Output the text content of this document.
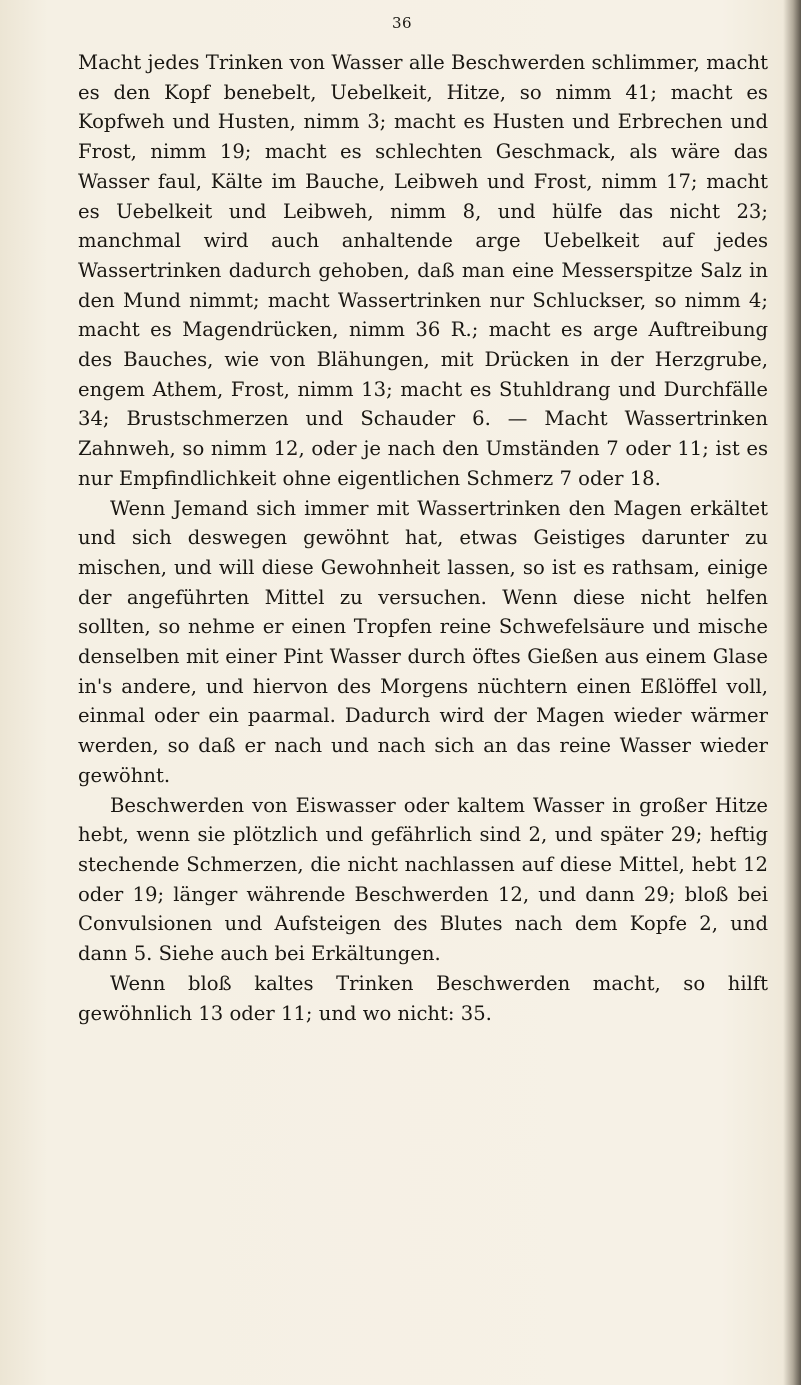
36

Macht jedes Trinken von Wasser alle Beschwerden schlimmer, macht es den Kopf benebelt, Uebelkeit, Hitze, so nimm 41; macht es Kopfweh und Husten, nimm 3; macht es Husten und Erbrechen und Frost, nimm 19; macht es schlechten Geschmack, als wäre das Wasser faul, Kälte im Bauche, Leibweh und Frost, nimm 17; macht es Uebelkeit und Leibweh, nimm 8, und hülfe das nicht 23; manchmal wird auch anhaltende arge Uebelkeit auf jedes Wassertrinken dadurch gehoben, daß man eine Messerspitze Salz in den Mund nimmt; macht Wassertrinken nur Schluckser, so nimm 4; macht es Magendrücken, nimm 36 R.; macht es arge Auftreibung des Bauches, wie von Blähungen, mit Drücken in der Herzgrube, engem Athem, Frost, nimm 13; macht es Stuhldrang und Durchfälle 34; Brustschmerzen und Schauder 6. — Macht Wassertrinken Zahnweh, so nimm 12, oder je nach den Umständen 7 oder 11; ist es nur Empfindlichkeit ohne eigentlichen Schmerz 7 oder 18.

Wenn Jemand sich immer mit Wassertrinken den Magen erkältet und sich deswegen gewöhnt hat, etwas Geistiges darunter zu mischen, und will diese Gewohnheit lassen, so ist es rathsam, einige der angeführten Mittel zu versuchen. Wenn diese nicht helfen sollten, so nehme er einen Tropfen reine Schwefelsäure und mische denselben mit einer Pint Wasser durch öftes Gießen aus einem Glase in's andere, und hiervon des Morgens nüchtern einen Eßlöffel voll, einmal oder ein paarmal. Dadurch wird der Magen wieder wärmer werden, so daß er nach und nach sich an das reine Wasser wieder gewöhnt.

Beschwerden von Eiswasser oder kaltem Wasser in großer Hitze hebt, wenn sie plötzlich und gefährlich sind 2, und später 29; heftig stechende Schmerzen, die nicht nachlassen auf diese Mittel, hebt 12 oder 19; länger währende Beschwerden 12, und dann 29; bloß bei Convulsionen und Aufsteigen des Blutes nach dem Kopfe 2, und dann 5. Siehe auch bei Erkältungen.

Wenn bloß kaltes Trinken Beschwerden macht, so hilft gewöhnlich 13 oder 11; und wo nicht: 35.
